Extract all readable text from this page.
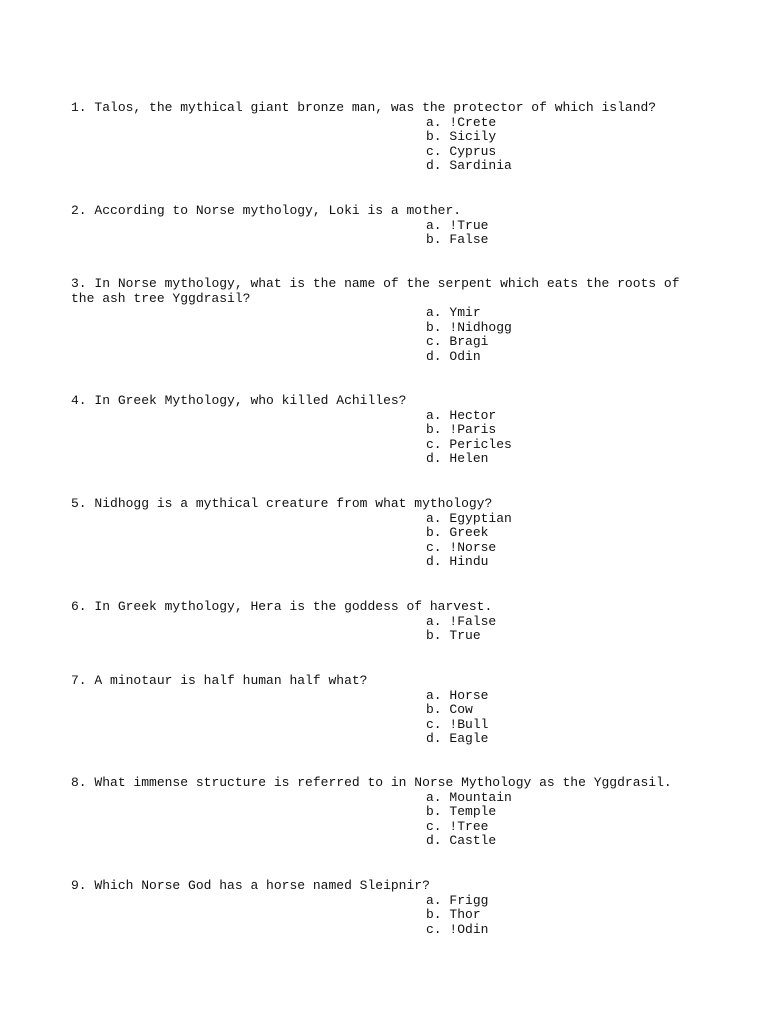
1. Talos, the mythical giant bronze man, was the protector of which island?

a. !Crete
b. Sicily
c. Cyprus
d. Sardinia

2. According to Norse mythology, Loki is a mother.

a. !True
b. False

3. In Norse mythology, what is the name of the serpent which eats the roots of the ash tree Yggdrasil?

a. Ymir
b. !Nidhogg
c. Bragi
d. Odin

4. In Greek Mythology, who killed Achilles?

a. Hector
b. !Paris
c. Pericles
d. Helen

5. Nidhogg is a mythical creature from what mythology?

a. Egyptian
b. Greek
c. !Norse
d. Hindu

6. In Greek mythology, Hera is the goddess of harvest.

a. !False
b. True

7. A minotaur is half human half what?

a. Horse
b. Cow
c. !Bull
d. Eagle

8. What immense structure is referred to in Norse Mythology as the Yggdrasil.

a. Mountain
b. Temple
c. !Tree
d. Castle

9. Which Norse God has a horse named Sleipnir?

a. Frigg
b. Thor
c. !Odin
